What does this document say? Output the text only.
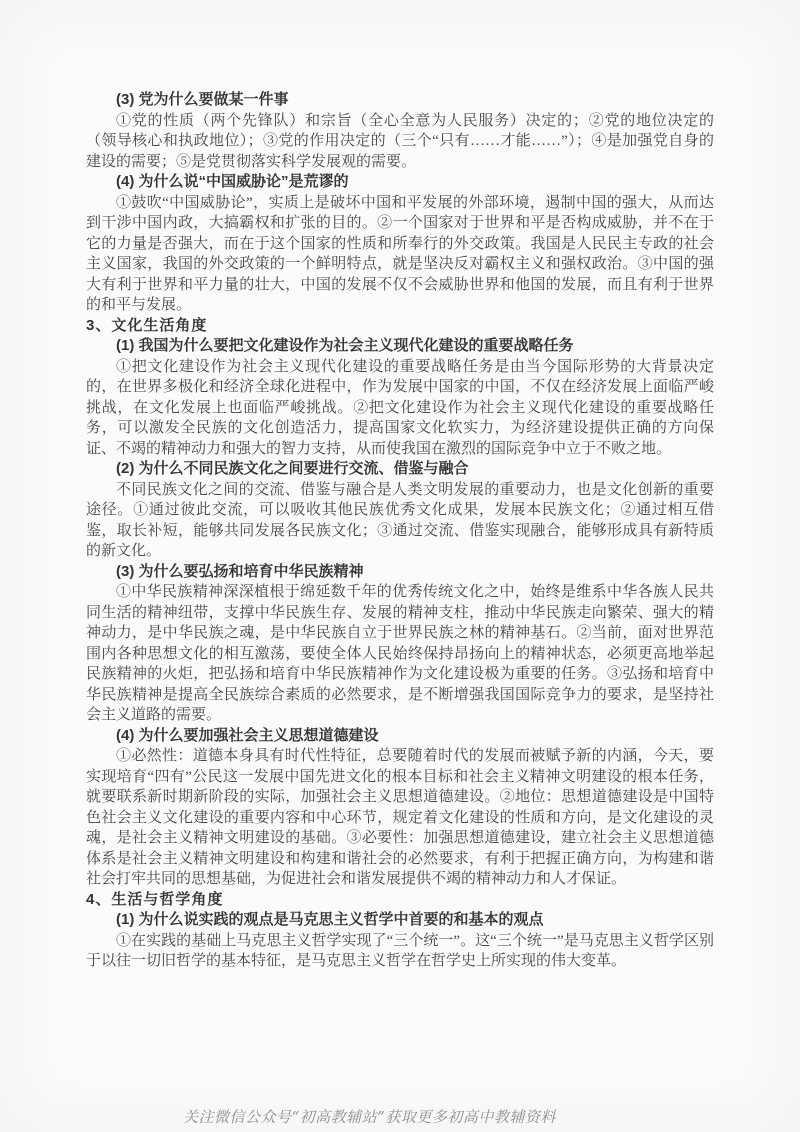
(3) 党为什么要做某一件事
①党的性质（两个先锋队）和宗旨（全心全意为人民服务）决定的；②党的地位决定的（领导核心和执政地位）；③党的作用决定的（三个“只有……才能……”）；④是加强党自身的建设的需要；⑤是党贯彻落实科学发展观的需要。
(4) 为什么说“中国威胁论”是荒谬的
①鼓吹“中国威胁论”，实质上是破坏中国和平发展的外部环境，遏制中国的强大，从而达到干涉中国内政，大搞霸权和扩张的目的。②一个国家对于世界和平是否构成威胁，并不在于它的力量是否强大，而在于这个国家的性质和所奉行的外交政策。我国是人民民主专政的社会主义国家，我国的外交政策的一个鲜明特点，就是坚决反对霸权主义和强权政治。③中国的强大有利于世界和平力量的壮大，中国的发展不仅不会威胁世界和他国的发展，而且有利于世界的和平与发展。
3、文化生活角度
(1) 我国为什么要把文化建设作为社会主义现代化建设的重要战略任务
①把文化建设作为社会主义现代化建设的重要战略任务是由当今国际形势的大背景决定的，在世界多极化和经济全球化进程中，作为发展中国家的中国，不仅在经济发展上面临严峻挑战，在文化发展上也面临严峻挑战。②把文化建设作为社会主义现代化建设的重要战略任务，可以激发全民族的文化创造活力，提高国家文化软实力，为经济建设提供正确的方向保证、不竭的精神动力和强大的智力支持，从而使我国在激烈的国际竞争中立于不败之地。
(2) 为什么不同民族文化之间要进行交流、借鉴与融合
不同民族文化之间的交流、借鉴与融合是人类文明发展的重要动力，也是文化创新的重要途径。①通过彼此交流，可以吸收其他民族优秀文化成果，发展本民族文化；②通过相互借鉴，取长补短，能够共同发展各民族文化；③通过交流、借鉴实现融合，能够形成具有新特质的新文化。
(3) 为什么要弘扬和培育中华民族精神
①中华民族精神深深植根于绵延数千年的优秀传统文化之中，始终是维系中华各族人民共同生活的精神纽带，支撑中华民族生存、发展的精神支柱，推动中华民族走向繁荣、强大的精神动力，是中华民族之魂，是中华民族自立于世界民族之林的精神基石。②当前，面对世界范围内各种思想文化的相互激荡，要使全体人民始终保持昂扬向上的精神状态，必须更高地举起民族精神的火炬，把弘扬和培育中华民族精神作为文化建设极为重要的任务。③弘扬和培育中华民族精神是提高全民族综合素质的必然要求，是不断增强我国国际竞争力的要求，是坚持社会主义道路的需要。
(4) 为什么要加强社会主义思想道德建设
①必然性：道德本身具有时代性特征，总要随着时代的发展而被赋予新的内涵，今天，要实现培育“四有”公民这一发展中国先进文化的根本目标和社会主义精神文明建设的根本任务，就要联系新时期新阶段的实际，加强社会主义思想道德建设。②地位：思想道德建设是中国特色社会主义文化建设的重要内容和中心环节，规定着文化建设的性质和方向，是文化建设的灵魂，是社会主义精神文明建设的基础。③必要性：加强思想道德建设，建立社会主义思想道德体系是社会主义精神文明建设和构建和谐社会的必然要求，有利于把握正确方向，为构建和谐社会打牢共同的思想基础，为促进社会和谐发展提供不竭的精神动力和人才保证。
4、生活与哲学角度
(1) 为什么说实践的观点是马克思主义哲学中首要的和基本的观点
①在实践的基础上马克思主义哲学实现了“三个统一”。这“三个统一”是马克思主义哲学区别于以往一切旧哲学的基本特征，是马克思主义哲学在哲学史上所实现的伟大变革。
关注微信公众号“初高教辅站”获取更多初高中教辅资料
